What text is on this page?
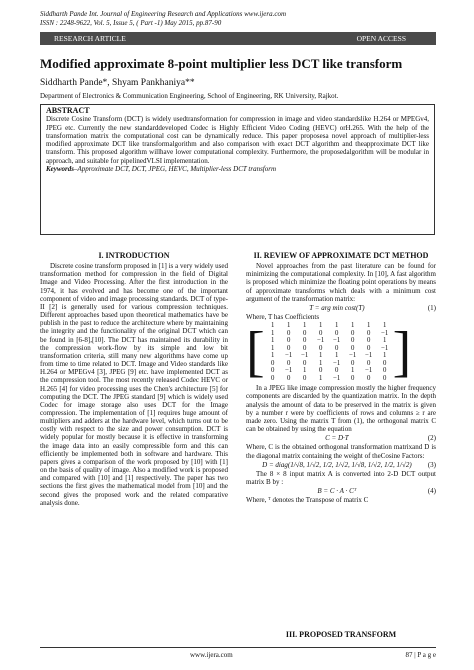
Siddharth Pande Int. Journal of Engineering Research and Applications www.ijera.com
ISSN : 2248-9622, Vol. 5, Issue 5, ( Part -1) May 2015, pp.87-90
RESEARCH ARTICLE	OPEN ACCESS
Modified approximate 8-point multiplier less DCT like transform
Siddharth Pande*, Shyam Pankhaniya**
Department of Electronics & Communication Engineering, School of Engineering, RK University, Rajkot.
ABSTRACT

Discrete Cosine Transform (DCT) is widely usedtransformation for compression in image and video standardslike H.264 or MPEGv4, JPEG etc. Currently the new standarddeveloped Codec is Highly Efficient Video Coding (HEVC) orH.265. With the help of the transformation matrix the computational cost can be dynamically reduce. This paper proposesa novel approach of multiplier-less modified approximate DCT like transformalgorithm and also comparison with exact DCT algorithm and theapproximate DCT like transform. This proposed algorithm willhave lower computational complexity. Furthermore, the proposedalgorithm will be modular in approach, and suitable for pipelinedVLSI implementation.

Keywords–Approximate DCT, DCT, JPEG, HEVC, Multiplier-less DCT transform

I. INTRODUCTION

Discrete cosine transform proposed in [1] is a very widely used transformation method for compression in the field of Digital Image and Video Processing. After the first introduction in the 1974, it has evolved and has become one of the important component of video and image processing standards. DCT of type-II [2] is generally used for various compression techniques. Different approaches based upon theoretical mathematics have be publish in the past to reduce the architecture where by maintaining the integrity and the functionality of the original DCT which can be found in [6-8],[10]. The DCT has maintained its durability in the compression work-flow by its simple and low bit transformation criteria, still many new algorithms have come up from time to time related to DCT. Image and Video standards like H.264 or MPEGv4 [3], JPEG [9] etc. have implemented DCT as the compression tool. The most recently released Codec HEVC or H.265 [4] for video processing uses the Chen's architecture [5] for computing the DCT. The JPEG standard [9] which is widely used Codec for image storage also uses DCT for the Image compression. The implementation of [1] requires huge amount of multipliers and adders at the hardware level, which turns out to be costly with respect to the size and power consumption. DCT is widely popular for mostly because it is effective in transforming the image data into an easily compressible form and this can efficiently be implemented both in software and hardware. This papers gives a comparison of the work proposed by [10] with [1] on the basis of quality of image. Also a modified work is proposed and compared with [10] and [1] respectively. The paper has two sections the first gives the mathematical model from [10] and the second gives the proposed work and the related comparative analysis done.

II. REVIEW OF APPROXIMATE DCT METHOD

Novel approaches from the past literature can be found for minimizing the computational complexity. In [10], A fast algorithm is proposed which minimize the floating point operations by means of approximate transforms which deals with a minimum cost argument of the transformation matrix:

T = arg min cost(T)	(1)

Where, T has Coefficients

[ 1	1	1	1	1	1	1	1
1	0	0	0	0	0	0	−1
1	0	0	−1	−1	0	0	1
1	0	0	0	0	0	0	−1
1	−1	−1	1	1	−1	−1	1
0	0	0	1	−1	0	0	0
0	−1	1	0	0	1	−1	0
0	0	0	1	−1	0	0	0 ]

In a JPEG like image compression mostly the higher frequency components are discarded by the quantization matrix. In the depth analysis the amount of data to be preserved in the matrix is given by a number r were by coefficients of rows and columns ≥ r are made zero. Using the matrix T from (1), the orthogonal matrix C can be obtained by using the equation

C = D·T	(2)

Where, C is the obtained orthogonal transformation matrixand D is the diagonal matrix containing the weight of theCosine Factors:

D = diag(1/√8, 1/√2, 1/2, 1/√2, 1/√8, 1/√2, 1/2, 1/√2)	(3)

The 8 × 8 input matrix A is converted into 2-D DCT output matrix B by :

B = C · A · Cᵀ	(4)

Where, ᵀ denotes the Transpose of matrix C

III. PROPOSED TRANSFORM
www.ijera.com	87 | P a g e
